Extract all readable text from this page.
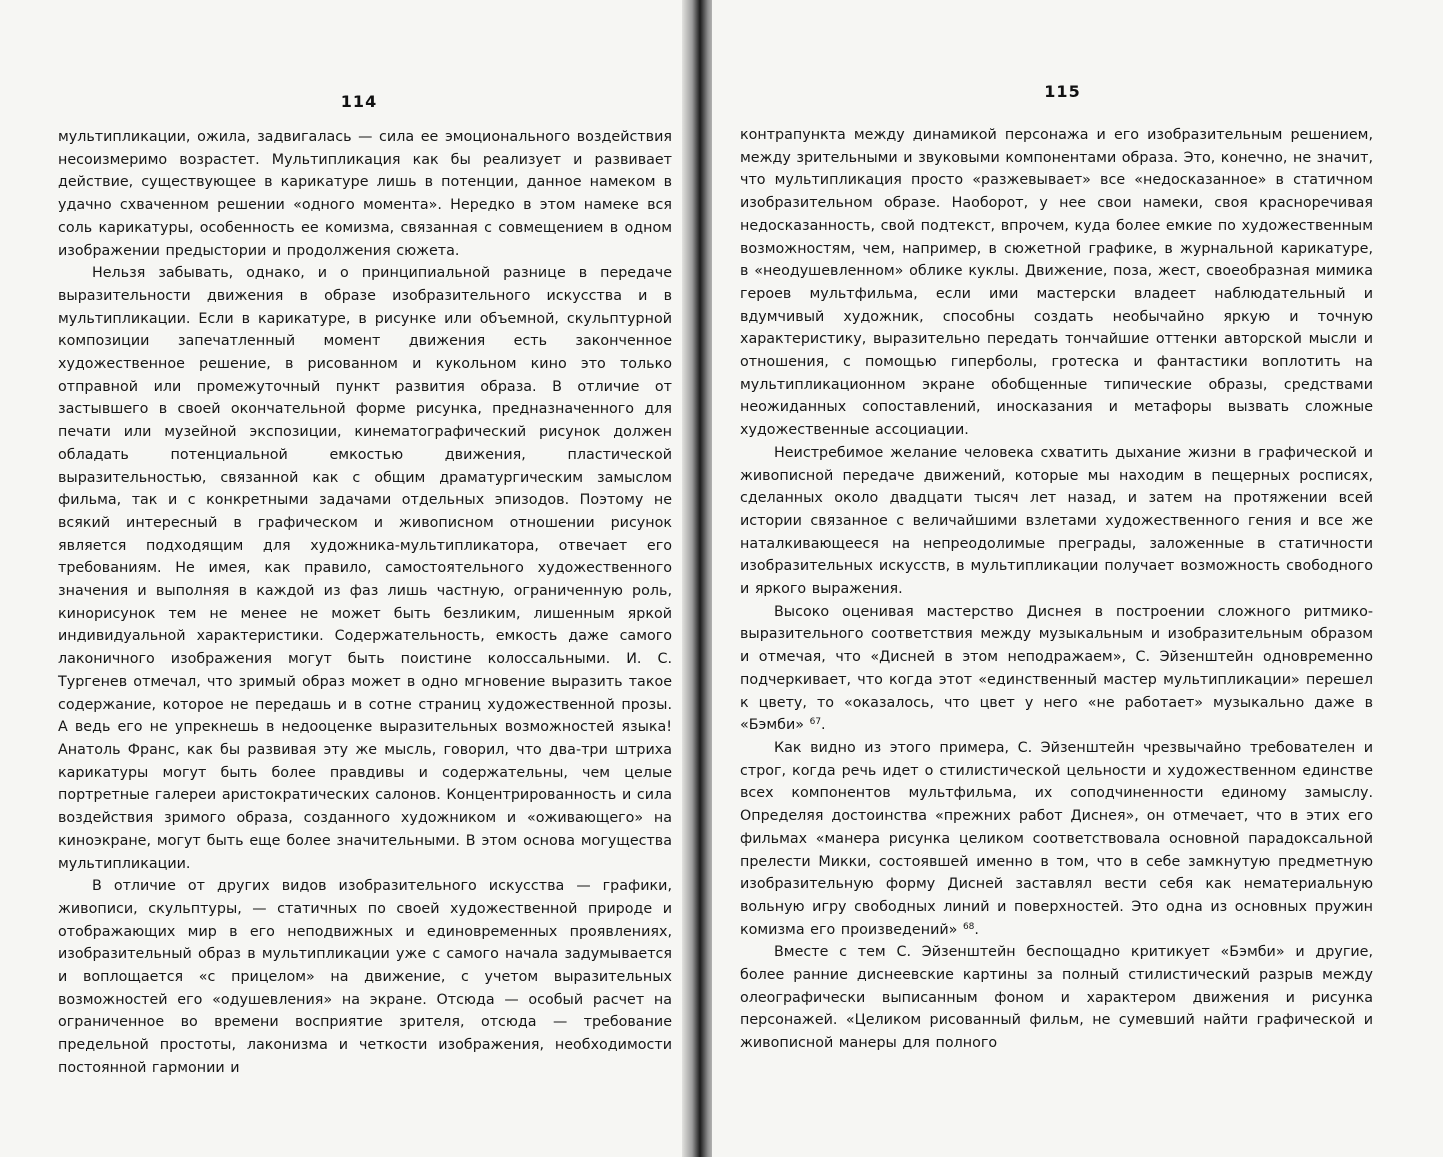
114

мультипликации, ожила, задвигалась — сила ее эмоционального воздействия несоизмеримо возрастет. Мультипликация как бы реализует и развивает действие, существующее в карикатуре лишь в потенции, данное намеком в удачно схваченном решении «одного момента». Нередко в этом намеке вся соль карикатуры, особенность ее комизма, связанная с совмещением в одном изображении предыстории и продолжения сюжета.

Нельзя забывать, однако, и о принципиальной разнице в передаче выразительности движения в образе изобразительного искусства и в мультипликации. Если в карикатуре, в рисунке или объемной, скульптурной композиции запечатленный момент движения есть законченное художественное решение, в рисованном и кукольном кино это только отправной или промежуточный пункт развития образа. В отличие от застывшего в своей окончательной форме рисунка, предназначенного для печати или музейной экспозиции, кинематографический рисунок должен обладать потенциальной емкостью движения, пластической выразительностью, связанной как с общим драматургическим замыслом фильма, так и с конкретными задачами отдельных эпизодов. Поэтому не всякий интересный в графическом и живописном отношении рисунок является подходящим для художника-мультипликатора, отвечает его требованиям. Не имея, как правило, самостоятельного художественного значения и выполняя в каждой из фаз лишь частную, ограниченную роль, кинорисунок тем не менее не может быть безликим, лишенным яркой индивидуальной характеристики. Содержательность, емкость даже самого лаконичного изображения могут быть поистине колоссальными. И. С. Тургенев отмечал, что зримый образ может в одно мгновение выразить такое содержание, которое не передашь и в сотне страниц художественной прозы. А ведь его не упрекнешь в недооценке выразительных возможностей языка! Анатоль Франс, как бы развивая эту же мысль, говорил, что два-три штриха карикатуры могут быть более правдивы и содержательны, чем целые портретные галереи аристократических салонов. Концентрированность и сила воздействия зримого образа, созданного художником и «оживающего» на киноэкране, могут быть еще более значительными. В этом основа могущества мультипликации.

В отличие от других видов изобразительного искусства — графики, живописи, скульптуры, — статичных по своей художественной природе и отображающих мир в его неподвижных и единовременных проявлениях, изобразительный образ в мультипликации уже с самого начала задумывается и воплощается «с прицелом» на движение, с учетом выразительных возможностей его «одушевления» на экране. Отсюда — особый расчет на ограниченное во времени восприятие зрителя, отсюда — требование предельной простоты, лаконизма и четкости изображения, необходимости постоянной гармонии и

115

контрапункта между динамикой персонажа и его изобразительным решением, между зрительными и звуковыми компонентами образа. Это, конечно, не значит, что мультипликация просто «разжевывает» все «недосказанное» в статичном изобразительном образе. Наоборот, у нее свои намеки, своя красноречивая недосказанность, свой подтекст, впрочем, куда более емкие по художественным возможностям, чем, например, в сюжетной графике, в журнальной карикатуре, в «неодушевленном» облике куклы. Движение, поза, жест, своеобразная мимика героев мультфильма, если ими мастерски владеет наблюдательный и вдумчивый художник, способны создать необычайно яркую и точную характеристику, выразительно передать тончайшие оттенки авторской мысли и отношения, с помощью гиперболы, гротеска и фантастики воплотить на мультипликационном экране обобщенные типические образы, средствами неожиданных сопоставлений, иносказания и метафоры вызвать сложные художественные ассоциации.

Неистребимое желание человека схватить дыхание жизни в графической и живописной передаче движений, которые мы находим в пещерных росписях, сделанных около двадцати тысяч лет назад, и затем на протяжении всей истории связанное с величайшими взлетами художественного гения и все же наталкивающееся на непреодолимые преграды, заложенные в статичности изобразительных искусств, в мультипликации получает возможность свободного и яркого выражения.

Высоко оценивая мастерство Диснея в построении сложного ритмико-выразительного соответствия между музыкальным и изобразительным образом и отмечая, что «Дисней в этом неподражаем», С. Эйзенштейн одновременно подчеркивает, что когда этот «единственный мастер мультипликации» перешел к цвету, то «оказалось, что цвет у него «не работает» музыкально даже в «Бэмби» $^{67}$.

Как видно из этого примера, С. Эйзенштейн чрезвычайно требователен и строг, когда речь идет о стилистической цельности и художественном единстве всех компонентов мультфильма, их соподчиненности единому замыслу. Определяя достоинства «прежних работ Диснея», он отмечает, что в этих его фильмах «манера рисунка целиком соответствовала основной парадоксальной прелести Микки, состоявшей именно в том, что в себе замкнутую предметную изобразительную форму Дисней заставлял вести себя как нематериальную вольную игру свободных линий и поверхностей. Это одна из основных пружин комизма его произведений» $^{68}$.

Вместе с тем С. Эйзенштейн беспощадно критикует «Бэмби» и другие, более ранние диснеевские картины за полный стилистический разрыв между олеографически выписанным фоном и характером движения и рисунка персонажей. «Целиком рисованный фильм, не сумевший найти графической и живописной манеры для полного
